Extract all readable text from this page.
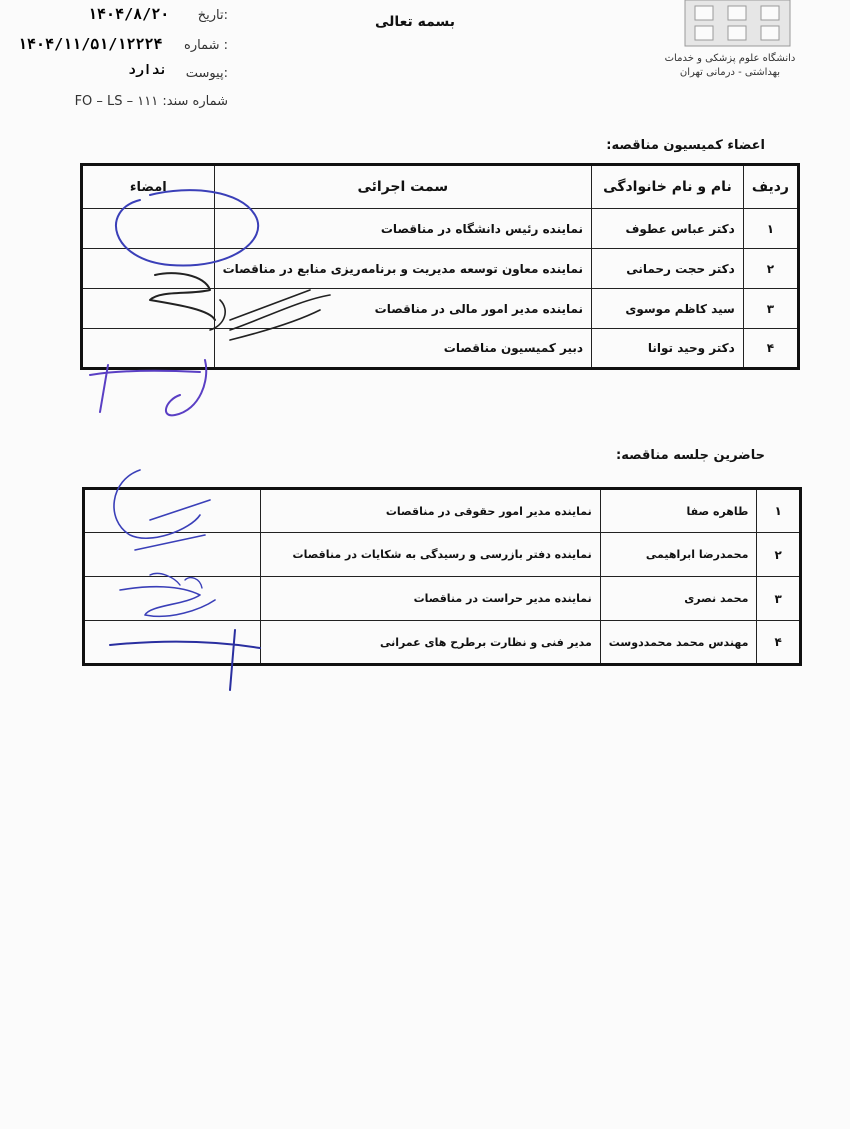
تاریخ:
۱۴۰۴/۸/۲۰
شماره :
۱۴۰۴/۱۱/۵۱/۱۲۲۲۴
پیوست:
ندارد
شماره سند: FO – LS – ۱۱۱
بسمه تعالی
دانشگاه علوم پزشکی و خدمات
بهداشتی - درمانی تهران
اعضاء کمیسیون مناقصه:
ردیف	نام و نام خانوادگی	سمت اجرائی	امضاء
۱	دکتر عباس عطوف	نماینده رئیس دانشگاه در مناقصات	
۲	دکتر حجت رحمانی	نماینده معاون توسعه مدیریت و برنامه‌ریزی منابع در مناقصات	
۳	سید کاظم موسوی	نماینده مدیر امور مالی در مناقصات	
۴	دکتر وحید توانا	دبیر کمیسیون مناقصات	
حاضرین جلسه مناقصه:
۱	طاهره صفا	نماینده مدیر امور حقوقی در مناقصات	
۲	محمدرضا ابراهیمی	نماینده دفتر بازرسی و رسیدگی به شکایات در مناقصات	
۳	محمد نصری	نماینده مدیر حراست در مناقصات	
۴	مهندس محمد محمددوست	مدیر فنی و نظارت برطرح های عمرانی	
